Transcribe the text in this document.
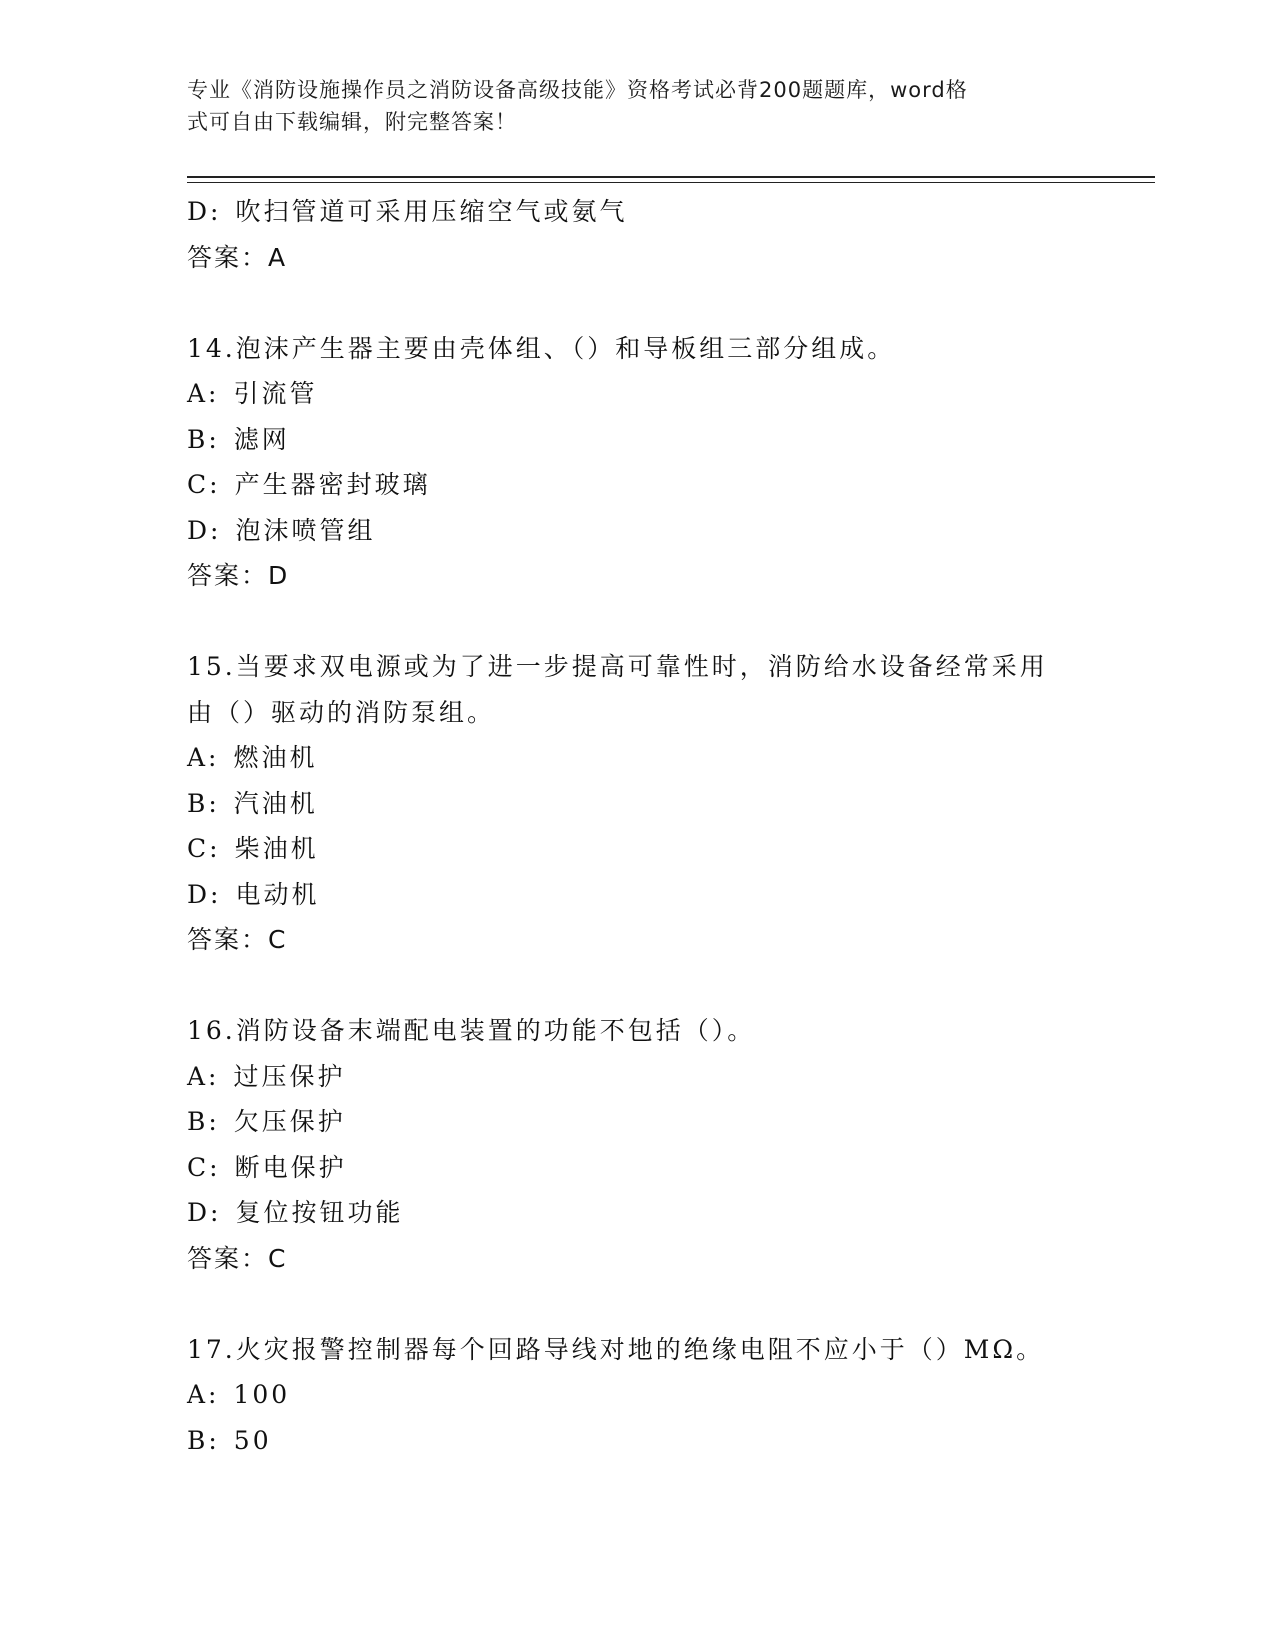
专业《消防设施操作员之消防设备高级技能》资格考试必背200题题库，word格
式可自由下载编辑，附完整答案！
D: 吹扫管道可采用压缩空气或氨气
答案：A
14.泡沫产生器主要由壳体组、（）和导板组三部分组成。
A: 引流管
B: 滤网
C: 产生器密封玻璃
D: 泡沫喷管组
答案：D
15.当要求双电源或为了进一步提高可靠性时，消防给水设备经常采用
由（）驱动的消防泵组。
A: 燃油机
B: 汽油机
C: 柴油机
D: 电动机
答案：C
16.消防设备末端配电装置的功能不包括（）。
A: 过压保护
B: 欠压保护
C: 断电保护
D: 复位按钮功能
答案：C
17.火灾报警控制器每个回路导线对地的绝缘电阻不应小于（）MΩ。
A: 100
B: 50
